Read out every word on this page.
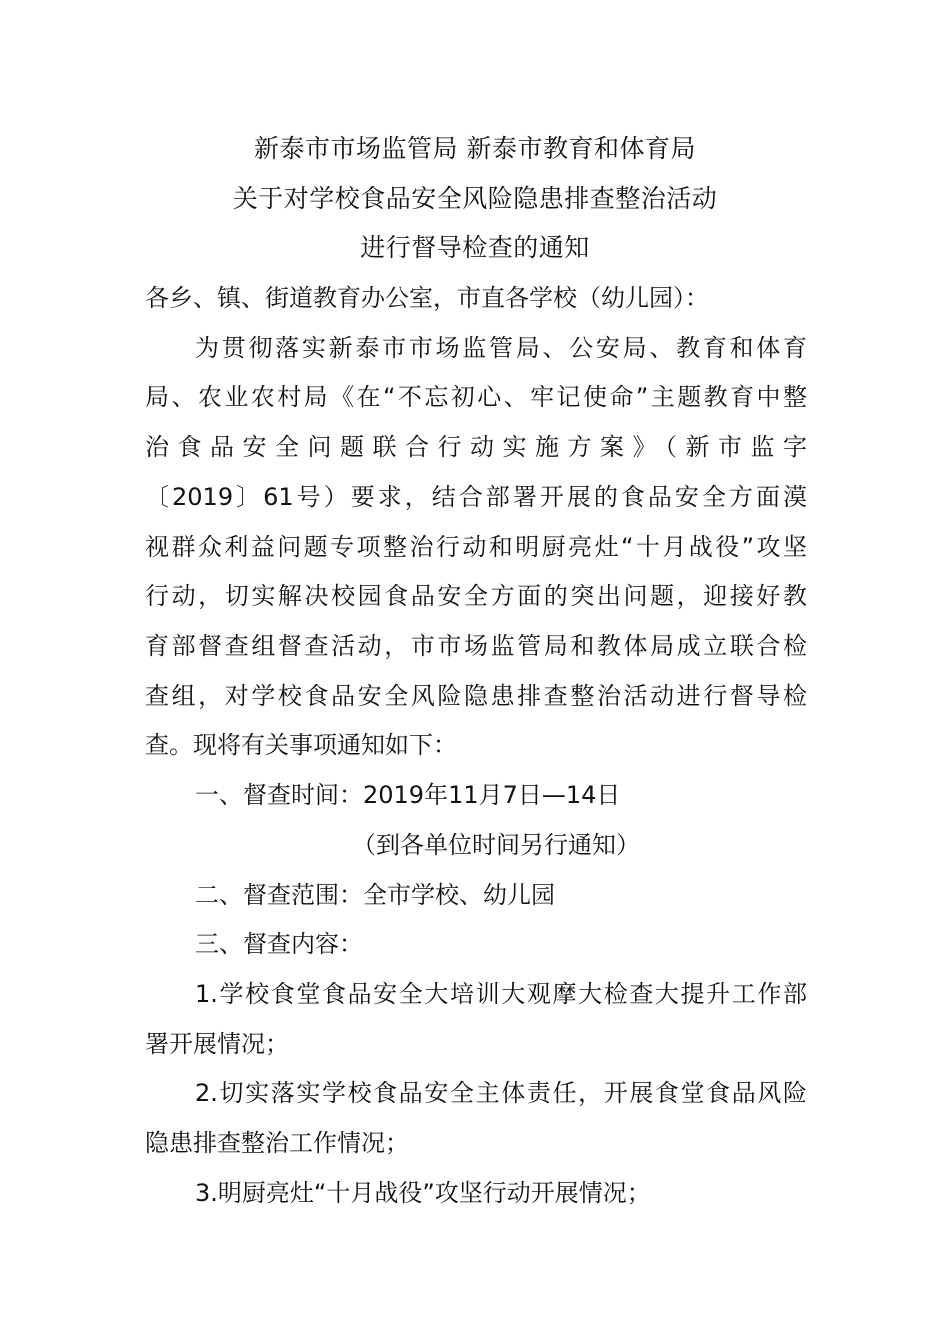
新泰市市场监管局 新泰市教育和体育局
关于对学校食品安全风险隐患排查整治活动
进行督导检查的通知
各乡、镇、街道教育办公室，市直各学校（幼儿园）：
为贯彻落实新泰市市场监管局、公安局、教育和体育
局、农业农村局《在“不忘初心、牢记使命”主题教育中整
治食品安全问题联合行动实施方案》（新市监字
〔2019〕61号）要求，结合部署开展的食品安全方面漠
视群众利益问题专项整治行动和明厨亮灶“十月战役”攻坚
行动，切实解决校园食品安全方面的突出问题，迎接好教
育部督查组督查活动，市市场监管局和教体局成立联合检
查组，对学校食品安全风险隐患排查整治活动进行督导检
查。现将有关事项通知如下：
一、督查时间：2019年11月7日—14日
（到各单位时间另行通知）
二、督查范围：全市学校、幼儿园
三、督查内容：
1.学校食堂食品安全大培训大观摩大检查大提升工作部
署开展情况；
2.切实落实学校食品安全主体责任，开展食堂食品风险
隐患排查整治工作情况；
3.明厨亮灶“十月战役”攻坚行动开展情况；
